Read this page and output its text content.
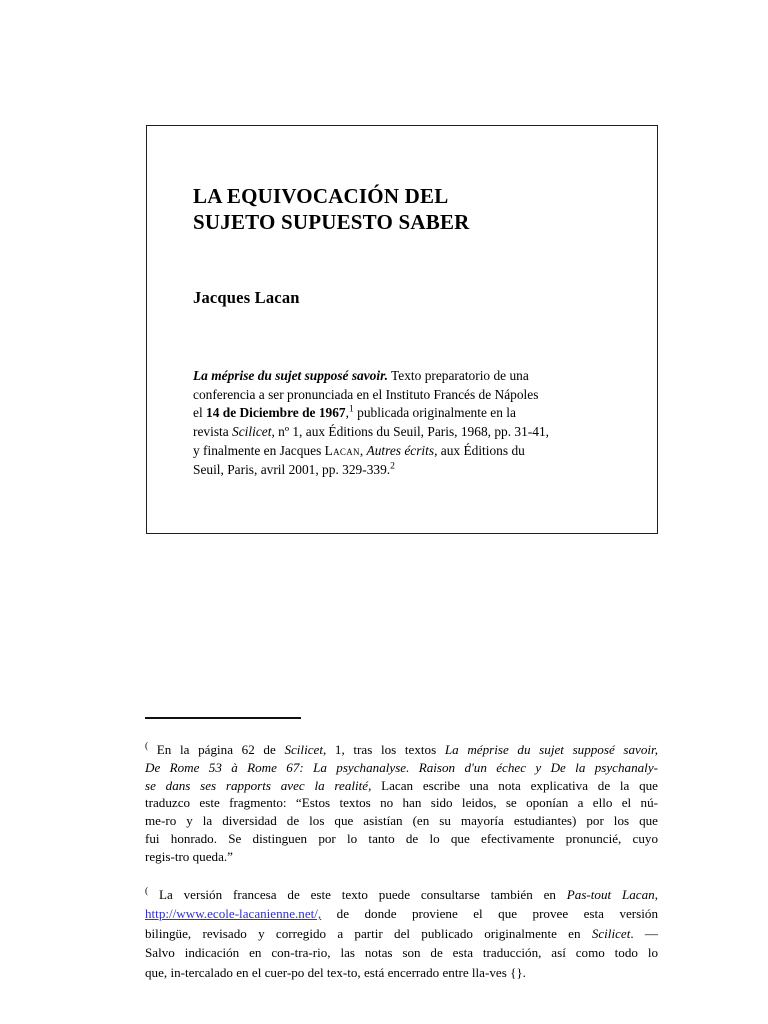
LA EQUIVOCACIÓN DEL
SUJETO SUPUESTO SABER
Jacques Lacan
La méprise du sujet supposé savoir. Texto preparatorio de una
conferencia a ser pronunciada en el Instituto Francés de Nápoles
el 14 de Diciembre de 1967,$^1$ publicada originalmente en la
revista Scilicet, nº 1, aux Éditions du Seuil, Paris, 1968, pp. 31-41,
y finalmente en Jacques Lacan, Autres écrits, aux Éditions du
Seuil, Paris, avril 2001, pp. 329-339.$^2$
( En la página 62 de Scilicet, 1, tras los textos La méprise du sujet supposé savoir,
De Rome 53 à Rome 67: La psychanalyse. Raison d'un échec y De la psychanaly-
se dans ses rapports avec la realité, Lacan escribe una nota explicativa de la que
traduzco este fragmento: “Estos textos no han sido leidos, se oponían a ello el nú-
me-ro y la diversidad de los que asistían (en su mayoría estudiantes) por los que
fui honrado. Se distinguen por lo tanto de lo que efectivamente pronuncié, cuyo
regis-tro queda.”
( La versión francesa de este texto puede consultarse también en Pas-tout Lacan,
http://www.ecole-lacanienne.net/, de donde proviene el que provee esta versión
bilingüe, revisado y corregido a partir del publicado originalmente en Scilicet. —
Salvo indicación en con-tra-rio, las notas son de esta traducción, así como todo lo
que, in-tercalado en el cuer-po del tex-to, está encerrado entre lla-ves {}.
